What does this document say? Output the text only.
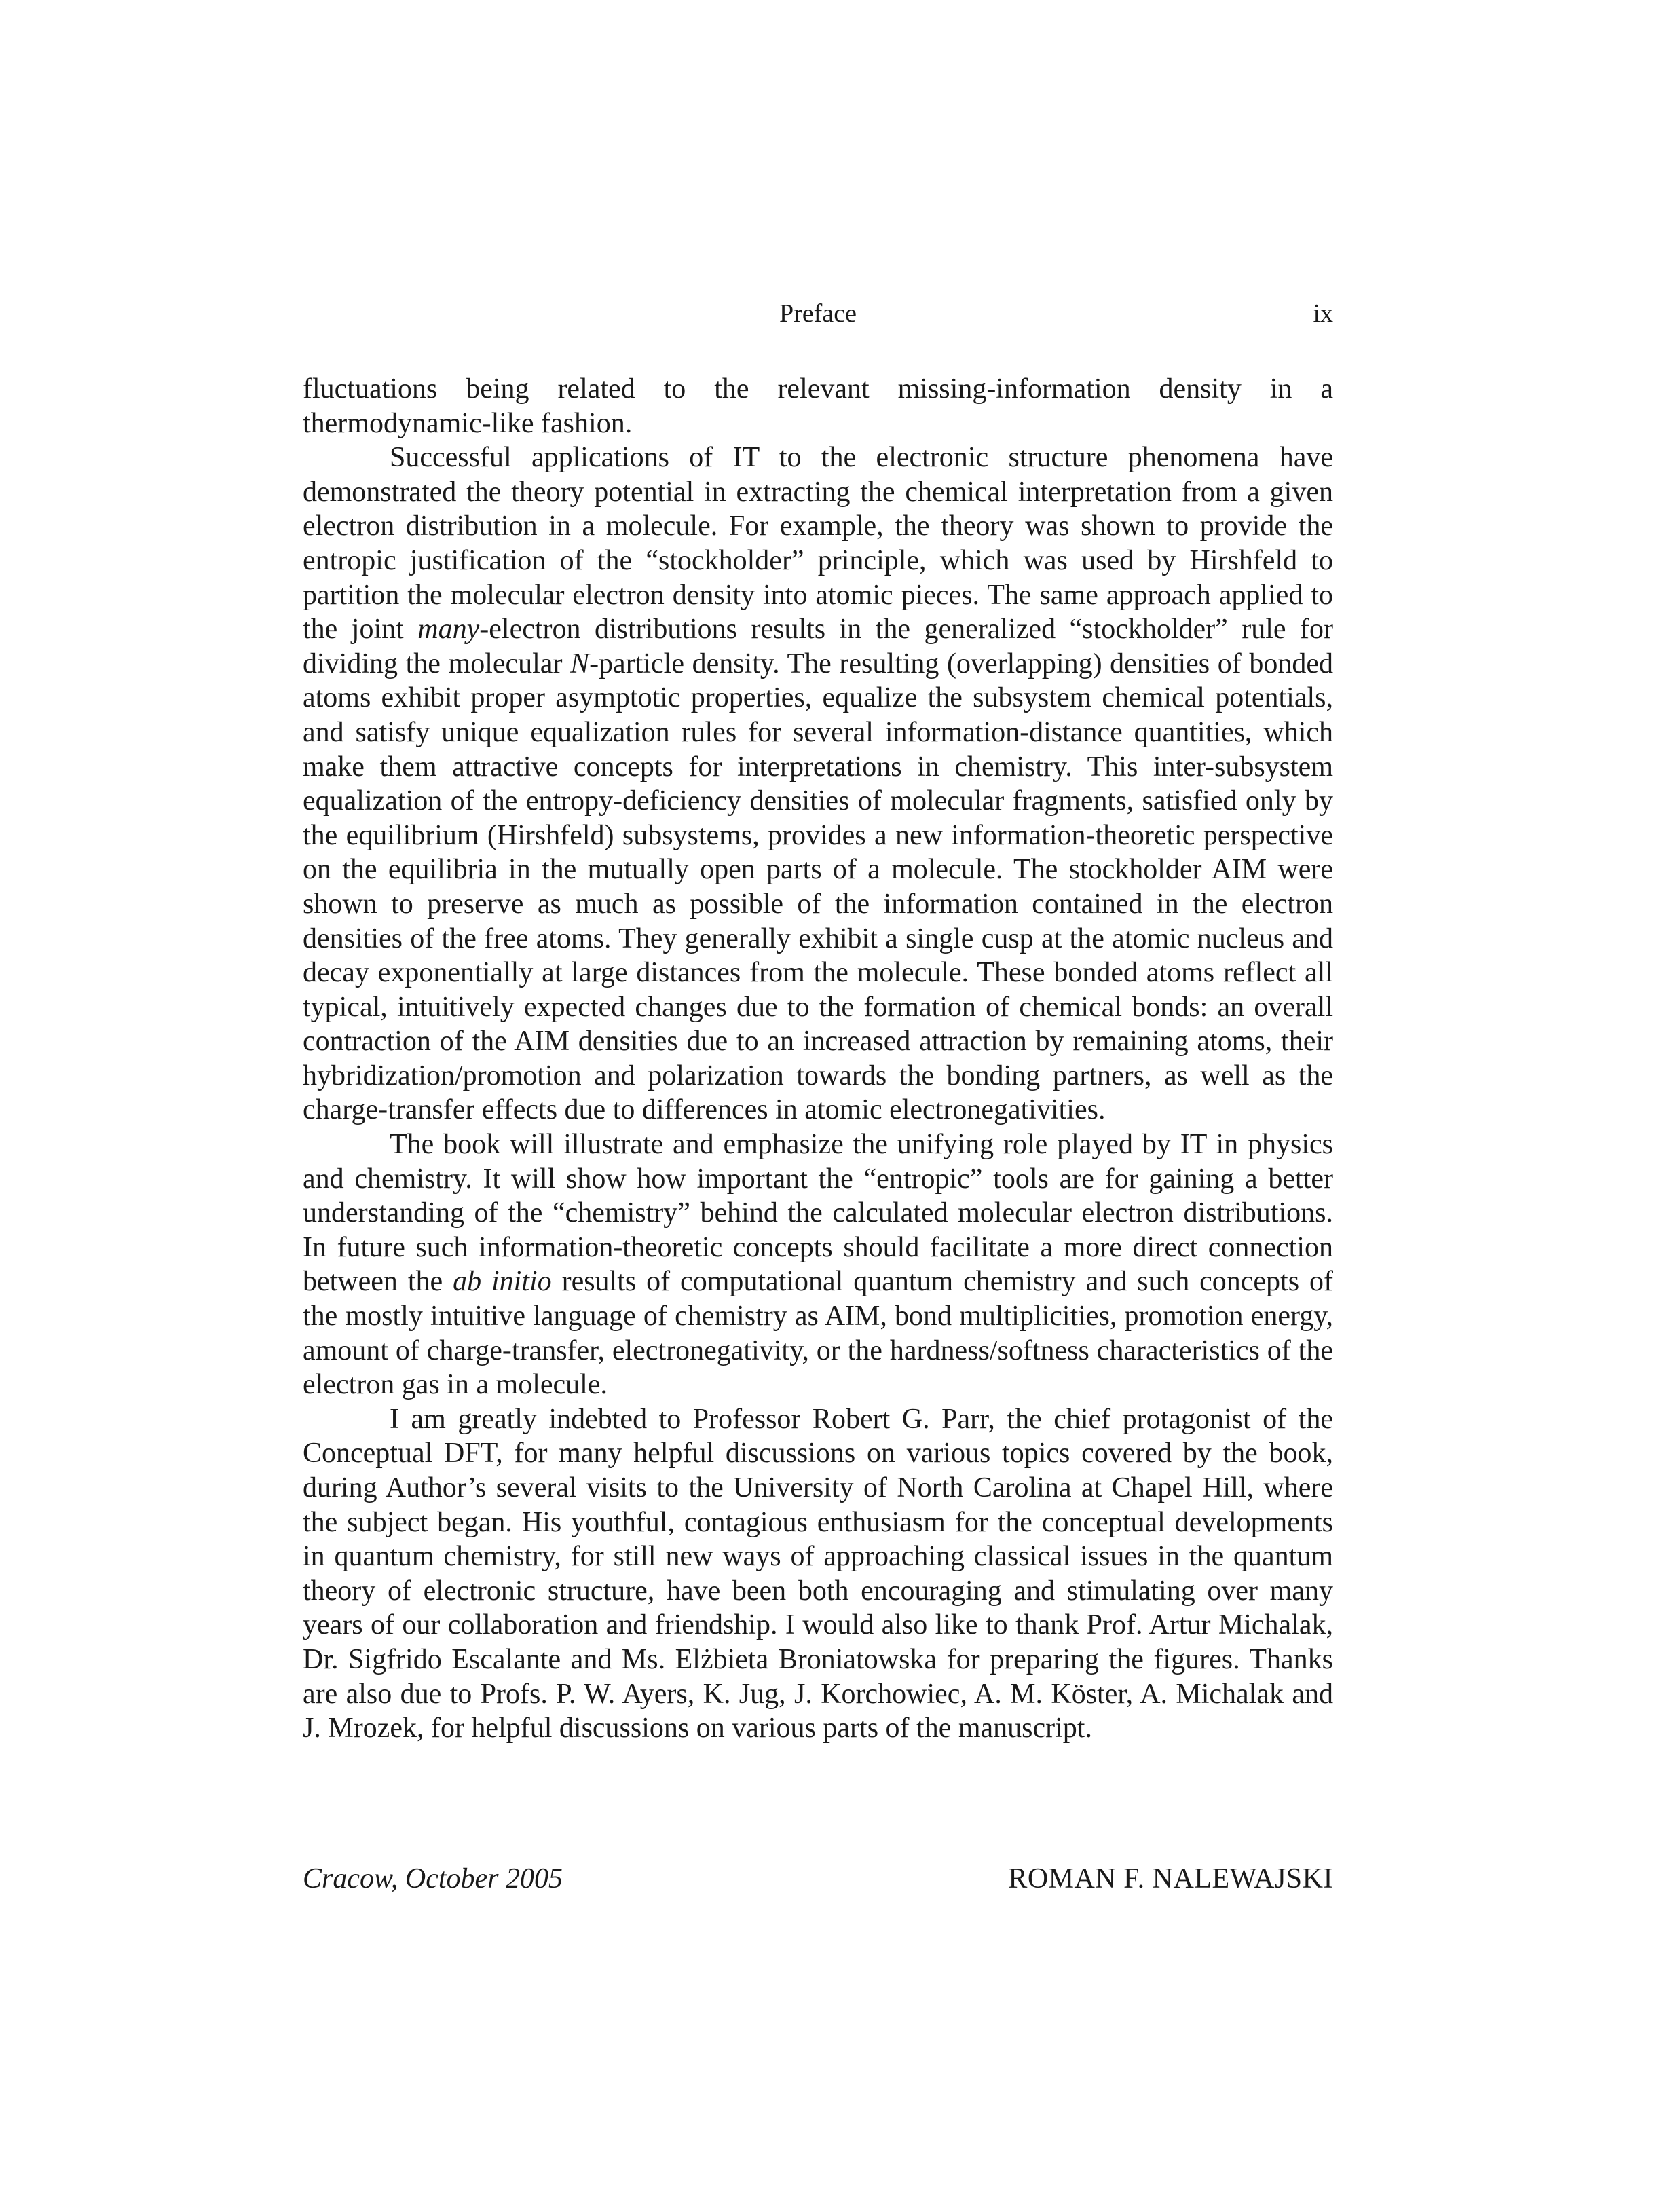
Preface	ix

fluctuations being related to the relevant missing-information density in a thermodynamic-like fashion.

Successful applications of IT to the electronic structure phenomena have demonstrated the theory potential in extracting the chemical interpretation from a given electron distribution in a molecule. For example, the theory was shown to provide the entropic justification of the “stockholder” principle, which was used by Hirshfeld to partition the molecular electron density into atomic pieces. The same approach applied to the joint many-electron distributions results in the generalized “stockholder” rule for dividing the molecular N-particle density. The resulting (overlapping) densities of bonded atoms exhibit proper asymptotic properties, equalize the subsystem chemical potentials, and satisfy unique equalization rules for several information-distance quantities, which make them attractive concepts for interpretations in chemistry. This inter-subsystem equalization of the entropy-deficiency densities of molecular fragments, satisfied only by the equilibrium (Hirshfeld) subsystems, provides a new information-theoretic perspective on the equilibria in the mutually open parts of a molecule. The stockholder AIM were shown to preserve as much as possible of the information contained in the electron densities of the free atoms. They generally exhibit a single cusp at the atomic nucleus and decay exponentially at large distances from the molecule. These bonded atoms reflect all typical, intuitively expected changes due to the formation of chemical bonds: an overall contraction of the AIM densities due to an increased attraction by remaining atoms, their hybridization/promotion and polarization towards the bonding partners, as well as the charge-transfer effects due to differences in atomic electronegativities.

The book will illustrate and emphasize the unifying role played by IT in physics and chemistry. It will show how important the “entropic” tools are for gaining a better understanding of the “chemistry” behind the calculated molecular electron distributions. In future such information-theoretic concepts should facilitate a more direct connection between the ab initio results of computational quantum chemistry and such concepts of the mostly intuitive language of chemistry as AIM, bond multiplicities, promotion energy, amount of charge-transfer, electronegativity, or the hardness/softness characteristics of the electron gas in a molecule.

I am greatly indebted to Professor Robert G. Parr, the chief protagonist of the Conceptual DFT, for many helpful discussions on various topics covered by the book, during Author’s several visits to the University of North Carolina at Chapel Hill, where the subject began. His youthful, contagious enthusiasm for the conceptual developments in quantum chemistry, for still new ways of approaching classical issues in the quantum theory of electronic structure, have been both encouraging and stimulating over many years of our collaboration and friendship. I would also like to thank Prof. Artur Michalak, Dr. Sigfrido Escalante and Ms. Elżbieta Broniatowska for preparing the figures. Thanks are also due to Profs. P. W. Ayers, K. Jug, J. Korchowiec, A. M. Köster, A. Michalak and J. Mrozek, for helpful discussions on various parts of the manuscript.

Cracow, October 2005	ROMAN F. NALEWAJSKI
